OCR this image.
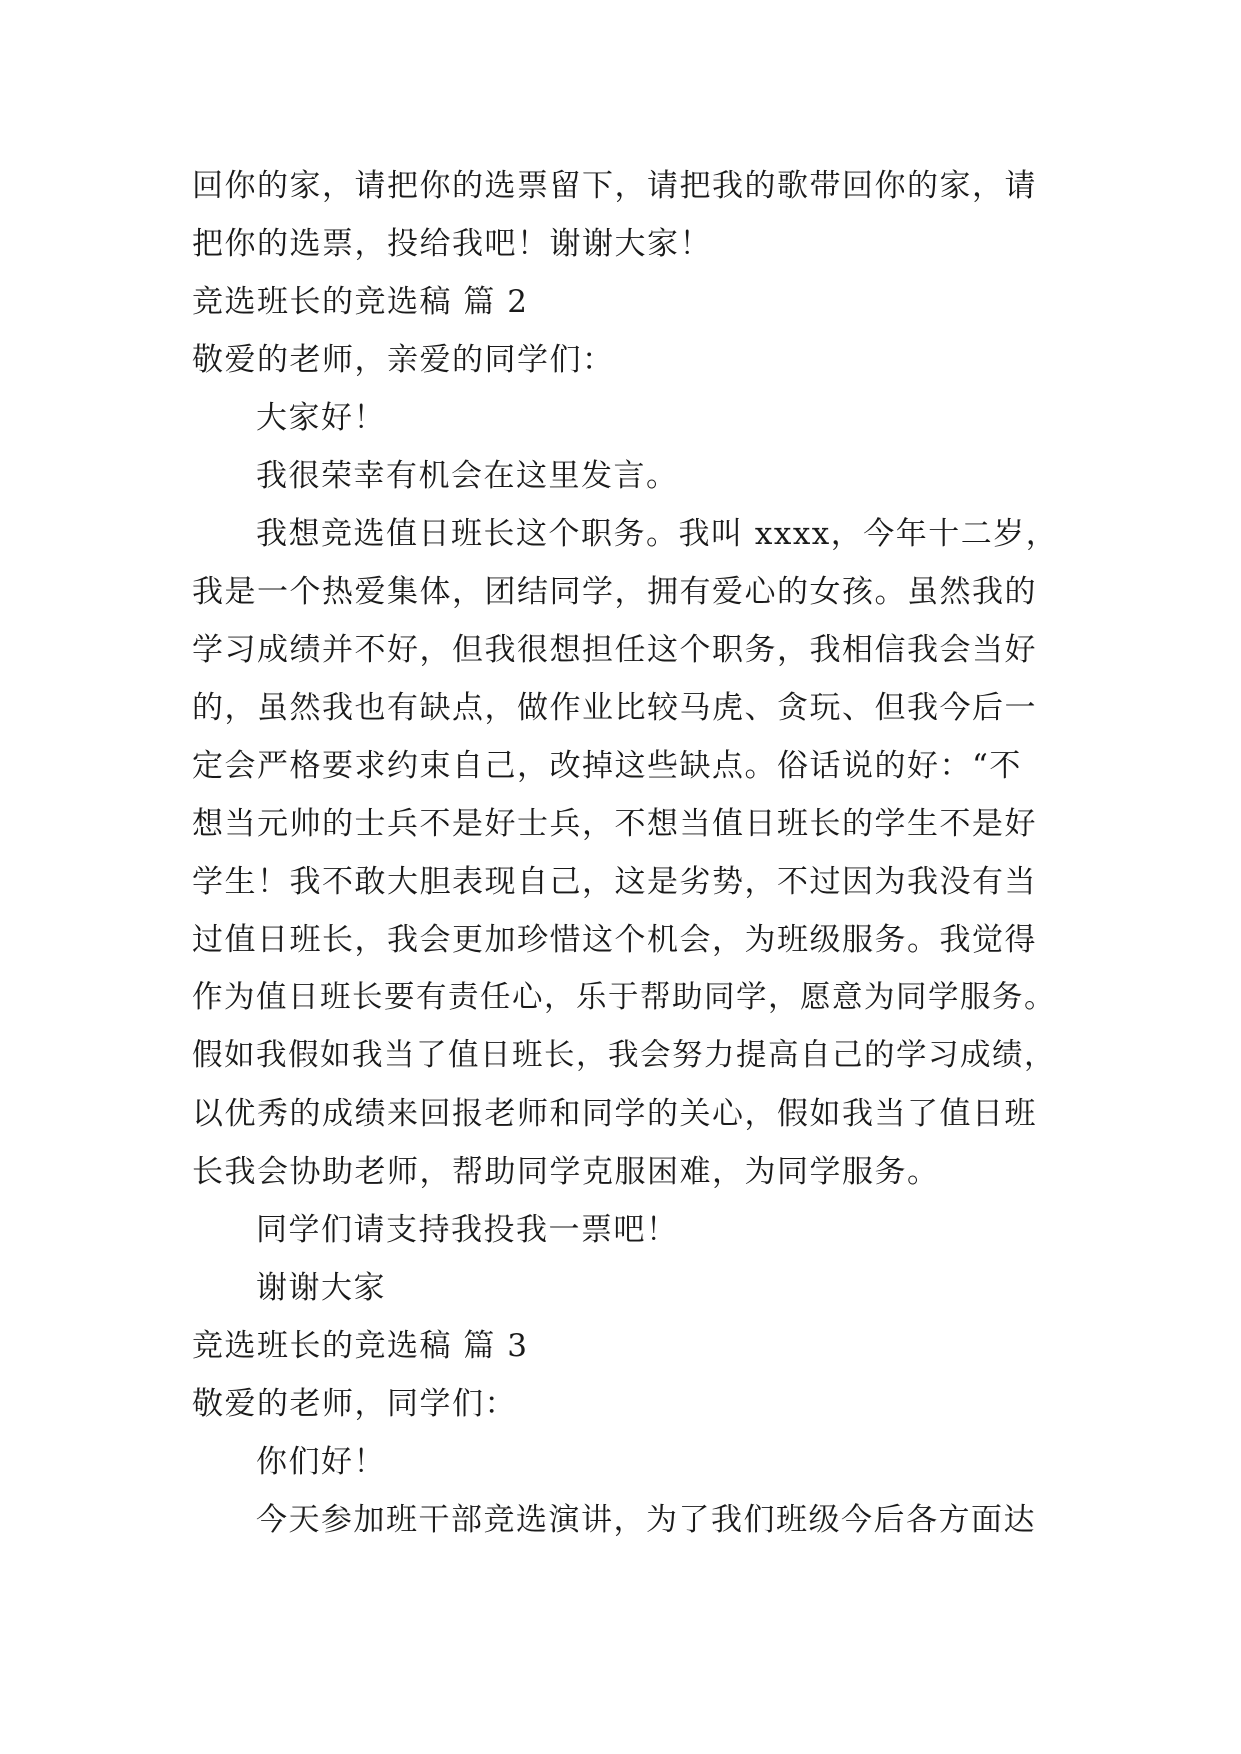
回你的家，请把你的选票留下，请把我的歌带回你的家，请
把你的选票，投给我吧！谢谢大家！
竞选班长的竞选稿 篇 2
敬爱的老师，亲爱的同学们：
大家好！
我很荣幸有机会在这里发言。
我想竞选值日班长这个职务。我叫 xxxx，今年十二岁，
我是一个热爱集体，团结同学，拥有爱心的女孩。虽然我的
学习成绩并不好，但我很想担任这个职务，我相信我会当好
的，虽然我也有缺点，做作业比较马虎、贪玩、但我今后一
定会严格要求约束自己，改掉这些缺点。俗话说的好：“不
想当元帅的士兵不是好士兵，不想当值日班长的学生不是好
学生！我不敢大胆表现自己，这是劣势，不过因为我没有当
过值日班长，我会更加珍惜这个机会，为班级服务。我觉得
作为值日班长要有责任心，乐于帮助同学，愿意为同学服务。
假如我假如我当了值日班长，我会努力提高自己的学习成绩，
以优秀的成绩来回报老师和同学的关心，假如我当了值日班
长我会协助老师，帮助同学克服困难，为同学服务。
同学们请支持我投我一票吧！
谢谢大家
竞选班长的竞选稿 篇 3
敬爱的老师，同学们：
你们好！
今天参加班干部竞选演讲，为了我们班级今后各方面达
